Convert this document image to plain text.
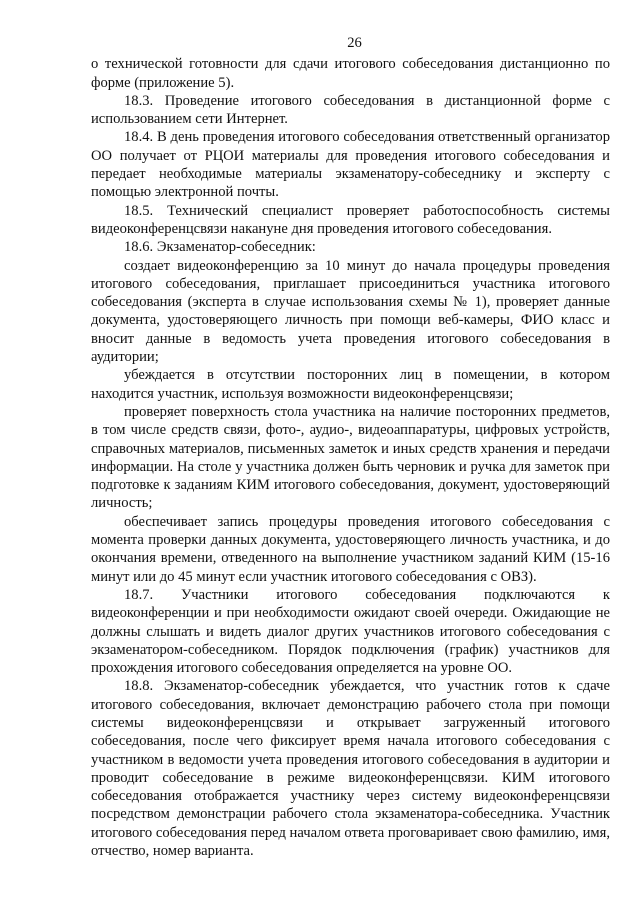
26

о технической готовности для сдачи итогового собеседования дистанционно по форме (приложение 5).

18.3. Проведение итогового собеседования в дистанционной форме с использованием сети Интернет.

18.4. В день проведения итогового собеседования ответственный организатор ОО получает от РЦОИ материалы для проведения итогового собеседования и передает необходимые материалы экзаменатору-собеседнику и эксперту с помощью электронной почты.

18.5. Технический специалист проверяет работоспособность системы видеоконференцсвязи накануне дня проведения итогового собеседования.

18.6. Экзаменатор-собеседник:

создает видеоконференцию за 10 минут до начала процедуры проведения итогового собеседования, приглашает присоединиться участника итогового собеседования (эксперта в случае использования схемы № 1), проверяет данные документа, удостоверяющего личность при помощи веб-камеры, ФИО класс и вносит данные в ведомость учета проведения итогового собеседования в аудитории;

убеждается в отсутствии посторонних лиц в помещении, в котором находится участник, используя возможности видеоконференцсвязи;

проверяет поверхность стола участника на наличие посторонних предметов, в том числе средств связи, фото-, аудио-, видеоаппаратуры, цифровых устройств, справочных материалов, письменных заметок и иных средств хранения и передачи информации. На столе у участника должен быть черновик и ручка для заметок при подготовке к заданиям КИМ итогового собеседования, документ, удостоверяющий личность;

обеспечивает запись процедуры проведения итогового собеседования с момента проверки данных документа, удостоверяющего личность участника, и до окончания времени, отведенного на выполнение участником заданий КИМ (15-16 минут или до 45 минут если участник итогового собеседования с ОВЗ).

18.7. Участники итогового собеседования подключаются к видеоконференции и при необходимости ожидают своей очереди. Ожидающие не должны слышать и видеть диалог других участников итогового собеседования с экзаменатором-собеседником. Порядок подключения (график) участников для прохождения итогового собеседования определяется на уровне ОО.

18.8. Экзаменатор-собеседник убеждается, что участник готов к сдаче итогового собеседования, включает демонстрацию рабочего стола при помощи системы видеоконференцсвязи и открывает загруженный итогового собеседования, после чего фиксирует время начала итогового собеседования с участником в ведомости учета проведения итогового собеседования в аудитории и проводит собеседование в режиме видеоконференцсвязи. КИМ итогового собеседования отображается участнику через систему видеоконференцсвязи посредством демонстрации рабочего стола экзаменатора-собеседника. Участник итогового собеседования перед началом ответа проговаривает свою фамилию, имя, отчество, номер варианта.
